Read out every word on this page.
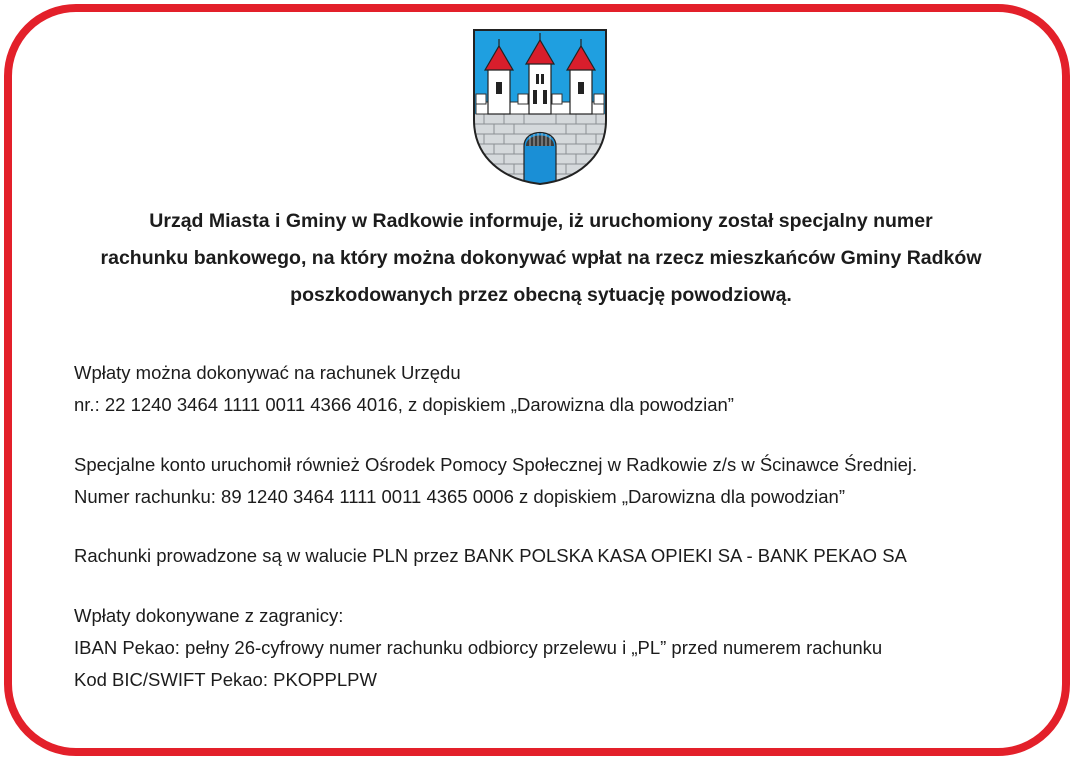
Urząd Miasta i Gminy w Radkowie informuje, iż uruchomiony został specjalny numer
rachunku bankowego, na który można dokonywać wpłat na rzecz mieszkańców Gminy Radków
poszkodowanych przez obecną sytuację powodziową.
Wpłaty można dokonywać na rachunek Urzędu
nr.: 22 1240 3464 1111 0011 4366 4016, z dopiskiem „Darowizna dla powodzian”
Specjalne konto uruchomił również Ośrodek Pomocy Społecznej w Radkowie z/s w Ścinawce Średniej.
Numer rachunku: 89 1240 3464 1111 0011 4365 0006 z dopiskiem „Darowizna dla powodzian”
Rachunki prowadzone są w walucie PLN przez BANK POLSKA KASA OPIEKI SA - BANK PEKAO SA
Wpłaty dokonywane z zagranicy:
IBAN Pekao: pełny 26-cyfrowy numer rachunku odbiorcy przelewu i „PL” przed numerem rachunku
Kod BIC/SWIFT Pekao: PKOPPLPW
